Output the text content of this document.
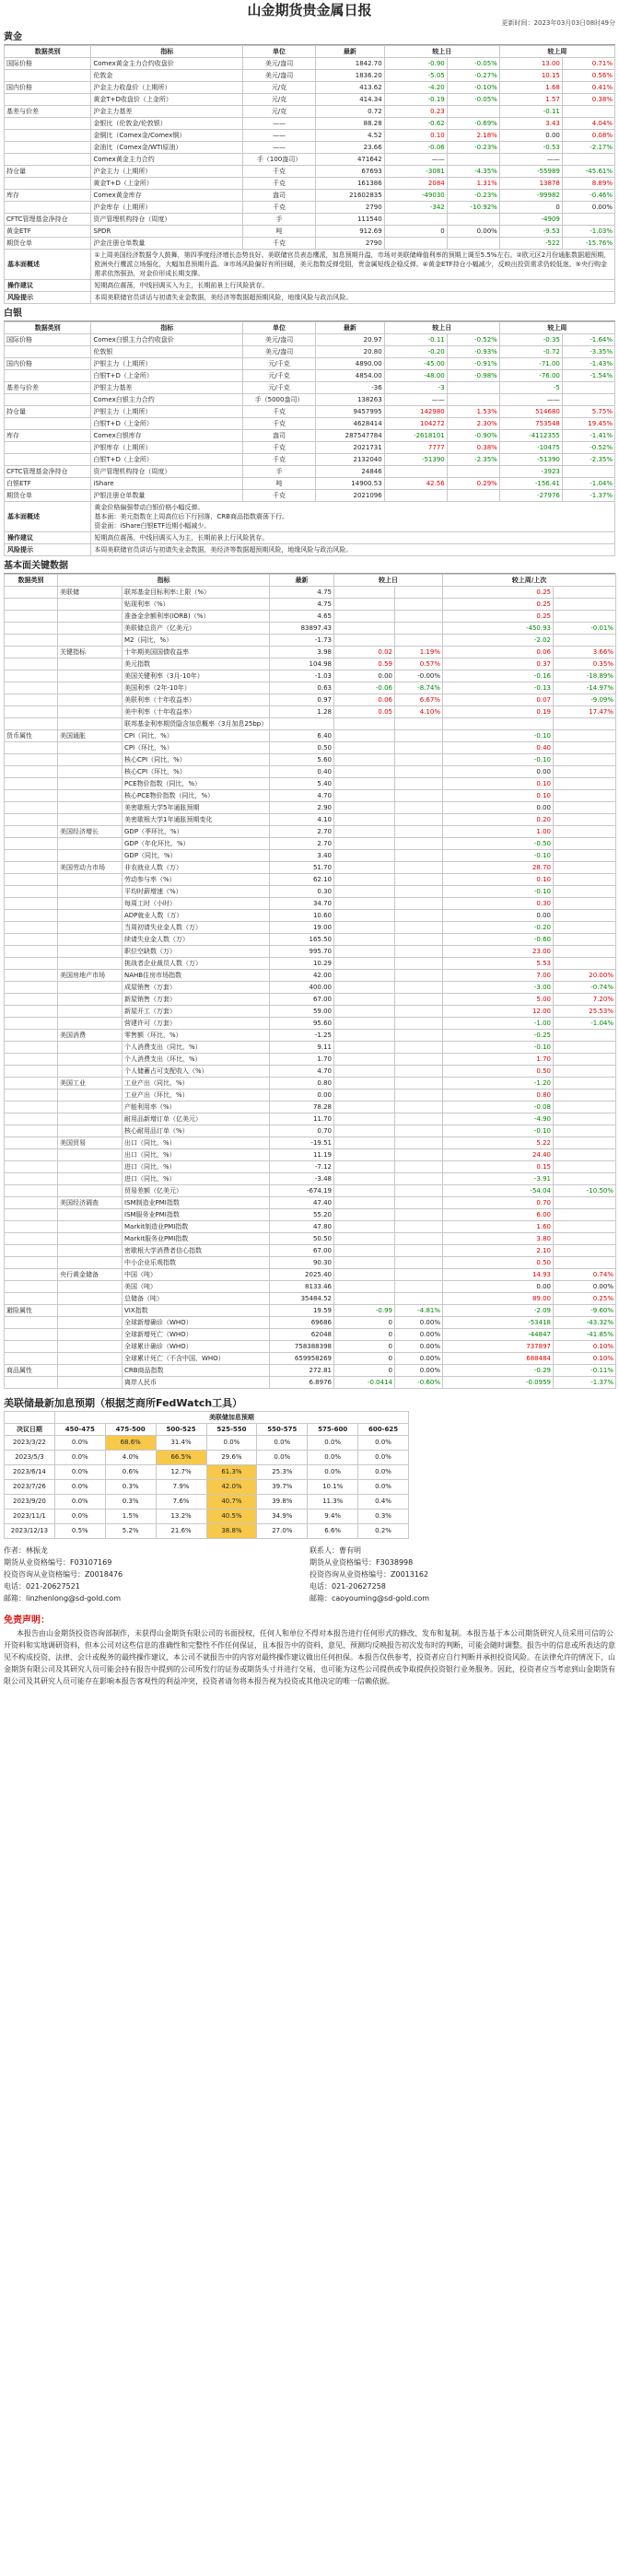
山金期货贵金属日报
更新时间：2023年03月03日08时49分
黄金
数据类别	指标	单位	最新	较上日		较上周	
国际价格	Comex黄金主力合约收盘价	美元/盎司	1842.70	-0.90	-0.05%	13.00	0.71%
	伦敦金	美元/盎司	1836.20	-5.05	-0.27%	10.15	0.56%
国内价格	沪金主力收盘价（上期所）	元/克	413.62	-4.20	-0.10%	1.68	0.41%
	黄金T+D收盘价（上金所）	元/克	414.34	-0.19	-0.05%	1.57	0.38%
基差与价差	沪金主力基差	元/克	0.72	0.23		-0.11	
	金银比（伦敦金/伦敦银）	——	88.28	-0.62	-0.69%	3.43	4.04%
	金铜比（Comex金/Comex铜）	——	4.52	0.10	2.18%	0.00	0.08%
	金油比（Comex金/WTI原油）	——	23.66	-0.06	-0.23%	-0.53	-2.17%
	Comex黄金主力合约	手（100盎司）	471642	——		——	
持仓量	沪金主力（上期所）	千克	67693	-3081	-4.35%	-55989	-45.61%
	黄金T+D（上金所）	千克	161386	2084	1.31%	13878	8.89%
库存	Comex黄金库存	盎司	21602835	-49030	-0.23%	-99982	-0.46%
	沪金库存（上期所）	千克	2790	-342	-10.92%	0	0.00%
CFTC管理基金净持仓	资产管理机构持仓（周度）	手	111540			-4909	
黄金ETF	SPDR	吨	912.69	0	0.00%	-9.53	-1.03%
期货仓单	沪金注册仓单数量	千克	2790			-522	-15.76%
基本面概述	①上周美国经济数据令人鼓舞，第四季度经济增长态势良好。美联储官员表态鹰派，加息预期升温，市场对美联储峰值利率的预期上调至5.5%左右。②欧元区2月份通胀数据超预期，欧洲央行鹰派立场强化，大幅加息预期升温。③市场风险偏好有所回暖，美元指数反弹受阻，贵金属短线企稳反弹。④黄金ETF持仓小幅减少，反映出投资需求仍较低迷。⑤央行购金需求依然强劲，对金价形成长期支撑。						
操作建议	短期高位震荡，中线回调买入为主，长期前景上行风险犹存。						
风险提示	本周美联储官员讲话与初请失业金数据，美经济等数据超预期风险，地缘风险与政治风险。						
白银
数据类别	指标	单位	最新	较上日		较上周	
国际价格	Comex白银主力合约收盘价	美元/盎司	20.97	-0.11	-0.52%	-0.35	-1.64%
	伦敦银	美元/盎司	20.80	-0.20	-0.93%	-0.72	-3.35%
国内价格	沪银主力（上期所）	元/千克	4890.00	-45.00	-0.91%	-71.00	-1.43%
	白银T+D（上金所）	元/千克	4854.00	-48.00	-0.98%	-76.00	-1.54%
基差与价差	沪银主力基差	元/千克	-36	-3		-5	
	Comex白银主力合约	手（5000盎司）	138263	——		——	
持仓量	沪银主力（上期所）	千克	9457995	142980	1.53%	514680	5.75%
	白银T+D（上金所）	千克	4628414	104272	2.30%	753548	19.45%
库存	Comex白银库存	盎司	287547784	-2618101	-0.90%	-4112355	-1.41%
	沪银库存（上期所）	千克	2021731	7777	0.38%	-10475	-0.52%
	白银T+D（上金所）	千克	2132040	-51390	-2.35%	-51390	-2.35%
CFTC管理基金净持仓	资产管理机构持仓（周度）	手	24846			-3923	
白银ETF	iShare	吨	14900.53	42.56	0.29%	-156.41	-1.04%
期货仓单	沪银注册仓单数量	千克	2021096			-27976	-1.37%
基本面概述	黄金价格偏强带动白银价格小幅反弹。
基本面：美元指数在上周高位后下行回落，CRB商品指数震荡下行。
资金面：iShare白银ETF近期小幅减少。						
操作建议	短期高位震荡，中线回调买入为主，长期前景上行风险犹存。						
风险提示	本周美联储官员讲话与初请失业金数据，美经济等数据超预期风险，地缘风险与政治风险。						
基本面关键数据
数据类别	指标		最新	较上日		较上周/上次	
	美联储	联邦基金目标利率:上限（%）	4.75			0.25	
		贴现利率（%）	4.75			0.25	
		准备金余额利率(IORB)（%）	4.65			0.25	
		美联储总资产（亿美元）	83897.43			-450.93	-0.01%
		M2（同比，%）	-1.73			-2.02	
	关键指标	十年期美国国债收益率	3.98	0.02	1.19%	0.06	3.66%
		美元指数	104.98	0.59	0.57%	0.37	0.35%
		美国关键利率（3月-10年）	-1.03	0.00	-0.00%	-0.16	-18.89%
		美国利率（2年-10年）	0.63	-0.06	-8.74%	-0.13	-14.97%
		美联利率（十年收益率）	0.97	0.06	6.67%	0.07	-9.09%
		美中利率（十年收益率）	1.28	0.05	4.10%	0.19	17.47%
		联邦基金利率期货隐含加息概率（3月加息25bp）					
货币属性	美国通胀	CPI（同比，%）	6.40			-0.10	
		CPI（环比，%）	0.50			0.40	
		核心CPI（同比，%）	5.60			-0.10	
		核心CPI（环比，%）	0.40			0.00	
		PCE物价指数（同比，%）	5.40			0.10	
		核心PCE物价指数（同比，%）	4.70			0.10	
		美密歇根大学5年通胀预期	2.90			0.00	
		美密歇根大学1年通胀预期变化	4.10			0.20	
	美国经济增长	GDP（季环比，%）	2.70			1.00	
		GDP（年化环比，%）	2.70			-0.50	
		GDP（同比，%）	3.40			-0.10	
	美国劳动力市场	非农就业人数（万）	51.70			28.70	
		劳动参与率（%）	62.10			0.10	
		平均时薪增速（%）	0.30			-0.10	
		每周工时（小时）	34.70			0.30	
		ADP就业人数（万）	10.60			0.00	
		当周初请失业金人数（万）	19.00			-0.20	
		续请失业金人数（万）	165.50			-0.60	
		职位空缺数（万）	995.70			23.00	
		挑战者企业裁员人数（万）	10.29			5.53	
	美国房地产市场	NAHB住房市场指数	42.00			7.00	20.00%
		成屋销售（万套）	400.00			-3.00	-0.74%
		新屋销售（万套）	67.00			5.00	7.20%
		新屋开工（万套）	59.00			12.00	25.53%
		营建许可（万套）	95.60			-1.00	-1.04%
	美国消费	零售额（环比，%）	-1.25			-0.25	
		个人消费支出（同比，%）	9.11			-0.10	
		个人消费支出（环比，%）	1.70			1.70	
		个人储蓄占可支配收入（%）	4.70			0.50	
	美国工业	工业产出（同比，%）	0.80			-1.20	
		工业产出（环比，%）	0.00			0.80	
		产能利用率（%）	78.28			-0.08	
		耐用品新增订单（亿美元）	11.70			-4.90	
		核心耐用品订单（%）	0.70			-0.10	
	美国贸易	出口（同比，%）	-19.51			5.22	
		出口（同比，%）	11.19			24.40	
		进口（同比，%）	-7.12			0.15	
		进口（同比，%）	-3.48			-3.91	
		贸易差额（亿美元）	-674.19			-54.04	-10.50%
	美国经济调查	ISM制造业PMI指数	47.40			0.70	
		ISM服务业PMI指数	55.20			6.00	
		Markit制造业PMI指数	47.80			1.60	
		Markit服务业PMI指数	50.50			3.80	
		密歇根大学消费者信心指数	67.00			2.10	
		中小企业乐观指数	90.30			0.50	
	央行黄金储备	中国（吨）	2025.40			14.93	0.74%
		美国（吨）	8133.46			0.00	0.00%
		总储备（吨）	35484.52			89.00	0.25%
避险属性		VIX指数	19.59	-0.99	-4.81%	-2.09	-9.60%
		全球新增确诊（WHO）	69686	0	0.00%	-53418	-43.32%
		全球新增死亡（WHO）	62048	0	0.00%	-44847	-41.85%
		全球累计确诊（WHO）	758388398	0	0.00%	737897	0.10%
		全球累计死亡（不含中国，WHO）	659958269	0	0.00%	688484	0.10%
商品属性		CRB商品指数	272.81	0	0.00%	-0.29	-0.11%
		离岸人民币	6.8976	-0.0414	-0.60%	-0.0959	-1.37%
美联储最新加息预期（根据芝商所FedWatch工具）
	美联储加息预期						
决议日期	450-475	475-500	500-525	525-550	550-575	575-600	600-625
2023/3/22	0.0%	68.6%	31.4%	0.0%	0.0%	0.0%	0.0%
2023/5/3	0.0%	4.0%	66.5%	29.6%	0.0%	0.0%	0.0%
2023/6/14	0.0%	0.6%	12.7%	61.3%	25.3%	0.0%	0.0%
2023/7/26	0.0%	0.3%	7.9%	42.0%	39.7%	10.1%	0.0%
2023/9/20	0.0%	0.3%	7.6%	40.7%	39.8%	11.3%	0.4%
2023/11/1	0.0%	1.5%	13.2%	40.5%	34.9%	9.4%	0.3%
2023/12/13	0.5%	5.2%	21.6%	38.8%	27.0%	6.6%	0.2%
作者：林振龙
期货从业资格编号：F03107169
投资咨询从业资格编号：Z0018476
电话：021-20627521
邮箱：linzhenlong@sd-gold.com
联系人：曹有明
期货从业资格编号：F3038998
投资咨询从业资格编号：Z0013162
电话：021-20627258
邮箱：caoyouming@sd-gold.com
免责声明：

本报告由山金期货投资咨询部制作，未获得山金期货有限公司的书面授权，任何人和单位不得对本报告进行任何形式的修改、发布和复制。本报告基于本公司期货研究人员采用可信的公开资料和实地调研资料，但本公司对这些信息的准确性和完整性不作任何保证，且本报告中的资料、意见、预测均反映报告初次发布时的判断，可能会随时调整。报告中的信息或所表达的意见不构成投资、法律、会计或税务的最终操作建议，本公司不就报告中的内容对最终操作建议做出任何担保。本报告仅供参考，投资者应自行判断并承担投资风险。在法律允许的情况下，山金期货有限公司及其研究人员可能会持有报告中提到的公司所发行的证券或期货头寸并进行交易，也可能为这些公司提供或争取提供投资银行业务服务。因此，投资者应当考虑到山金期货有限公司及其研究人员可能存在影响本报告客观性的利益冲突，投资者请勿将本报告视为投资或其他决定的唯一信赖依据。
